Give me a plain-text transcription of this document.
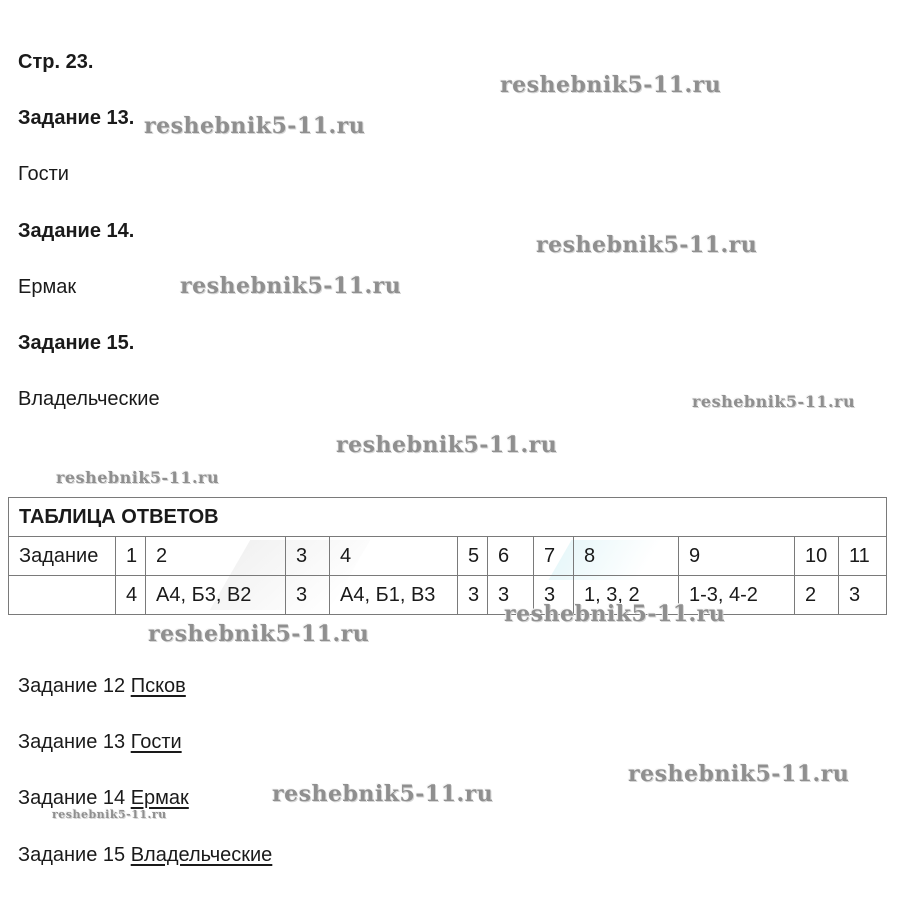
Стр. 23.
Задание 13.
Гости
Задание 14.
Ермак
Задание 15.
Владельческие
ТАБЛИЦА ОТВЕТОВ											
Задание	1	2	3	4	5	6	7	8	9	10	11
	4	А4, Б3, В2	3	А4, Б1, В3	3	3	3	1, 3, 2	1-3, 4-2	2	3
Задание 12 Псков
Задание 13 Гости
Задание 14 Ермак
Задание 15 Владельческие
reshebnik5-11.ru
reshebnik5-11.ru
reshebnik5-11.ru
reshebnik5-11.ru
reshebnik5-11.ru
reshebnik5-11.ru
reshebnik5-11.ru
reshebnik5-11.ru
reshebnik5-11.ru
reshebnik5-11.ru
reshebnik5-11.ru
reshebnik5-11.ru
